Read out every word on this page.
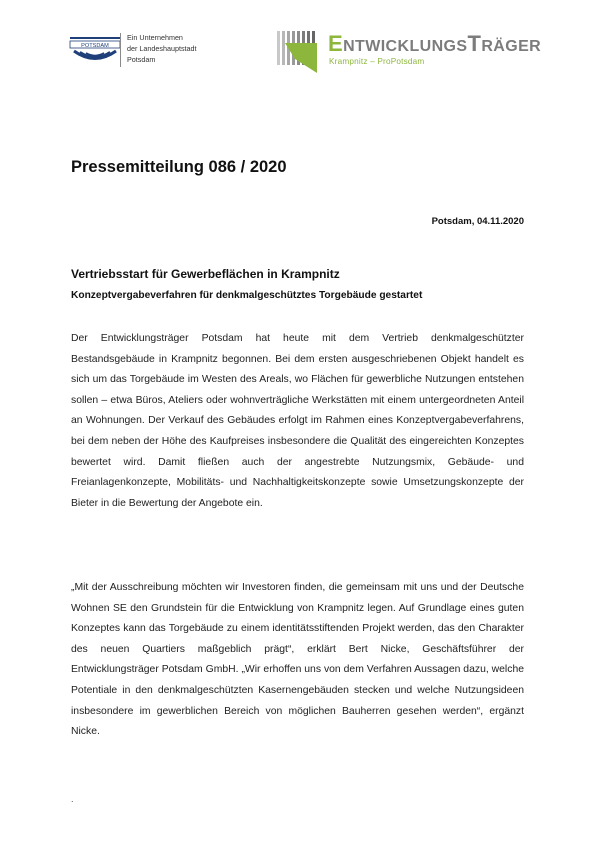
POTSDAM
Ein Unternehmen
der Landeshauptstadt
Potsdam
ENTWICKLUNGSTRÄGER
Krampnitz – ProPotsdam
Pressemitteilung 086 / 2020
Potsdam, 04.11.2020
Vertriebsstart für Gewerbeflächen in Krampnitz
Konzeptvergabeverfahren für denkmalgeschütztes Torgebäude gestartet

Der Entwicklungsträger Potsdam hat heute mit dem Vertrieb denkmalgeschützter Bestandsgebäude in Krampnitz begonnen. Bei dem ersten ausgeschriebenen Objekt handelt es sich um das Torgebäude im Westen des Areals, wo Flächen für gewerbliche Nutzungen entstehen sollen – etwa Büros, Ateliers oder wohnverträgliche Werkstätten mit einem untergeordneten Anteil an Wohnungen. Der Verkauf des Gebäudes erfolgt im Rahmen eines Konzeptvergabeverfahrens, bei dem neben der Höhe des Kaufpreises insbesondere die Qualität des eingereichten Konzeptes bewertet wird. Damit fließen auch der angestrebte Nutzungsmix, Gebäude- und Freianlagenkonzepte, Mobilitäts- und Nachhaltigkeitskonzepte sowie Umsetzungskonzepte der Bieter in die Bewertung der Angebote ein.

„Mit der Ausschreibung möchten wir Investoren finden, die gemeinsam mit uns und der Deutsche Wohnen SE den Grundstein für die Entwicklung von Krampnitz legen. Auf Grundlage eines guten Konzeptes kann das Torgebäude zu einem identitätsstiftenden Projekt werden, das den Charakter des neuen Quartiers maßgeblich prägt“, erklärt Bert Nicke, Geschäftsführer der Entwicklungsträger Potsdam GmbH. „Wir erhoffen uns von dem Verfahren Aussagen dazu, welche Potentiale in den denkmalgeschützten Kasernengebäuden stecken und welche Nutzungsideen insbesondere im gewerblichen Bereich von möglichen Bauherren gesehen werden“, ergänzt Nicke.

.
